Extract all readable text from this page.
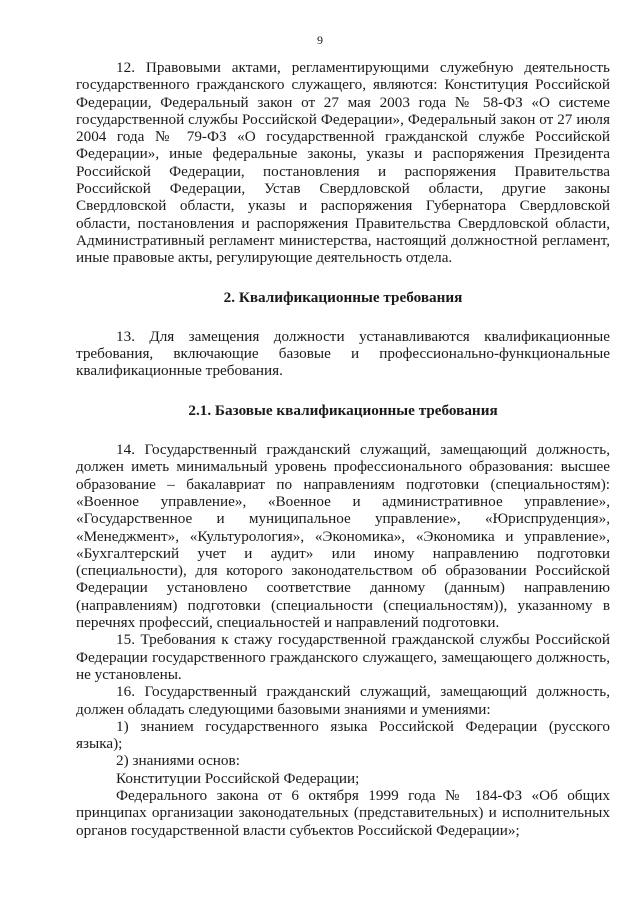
9

12. Правовыми актами, регламентирующими служебную деятельность государственного гражданского служащего, являются: Конституция Российской Федерации, Федеральный закон от 27 мая 2003 года № 58-ФЗ «О системе государственной службы Российской Федерации», Федеральный закон от 27 июля 2004 года № 79-ФЗ «О государственной гражданской службе Российской Федерации», иные федеральные законы, указы и распоряжения Президента Российской Федерации, постановления и распоряжения Правительства Российской Федерации, Устав Свердловской области, другие законы Свердловской области, указы и распоряжения Губернатора Свердловской области, постановления и распоряжения Правительства Свердловской области, Административный регламент министерства, настоящий должностной регламент, иные правовые акты, регулирующие деятельность отдела.

2. Квалификационные требования

13. Для замещения должности устанавливаются квалификационные требования, включающие базовые и профессионально-функциональные квалификационные требования.

2.1. Базовые квалификационные требования

14. Государственный гражданский служащий, замещающий должность, должен иметь минимальный уровень профессионального образования: высшее образование – бакалавриат по направлениям подготовки (специальностям): «Военное управление», «Военное и административное управление», «Государственное и муниципальное управление», «Юриспруденция», «Менеджмент», «Культурология», «Экономика», «Экономика и управление», «Бухгалтерский учет и аудит» или иному направлению подготовки (специальности), для которого законодательством об образовании Российской Федерации установлено соответствие данному (данным) направлению (направлениям) подготовки (специальности (специальностям)), указанному в перечнях профессий, специальностей и направлений подготовки.

15. Требования к стажу государственной гражданской службы Российской Федерации государственного гражданского служащего, замещающего должность, не установлены.

16. Государственный гражданский служащий, замещающий должность, должен обладать следующими базовыми знаниями и умениями:

1) знанием государственного языка Российской Федерации (русского языка);

2) знаниями основ:

Конституции Российской Федерации;

Федерального закона от 6 октября 1999 года № 184-ФЗ «Об общих принципах организации законодательных (представительных) и исполнительных органов государственной власти субъектов Российской Федерации»;
